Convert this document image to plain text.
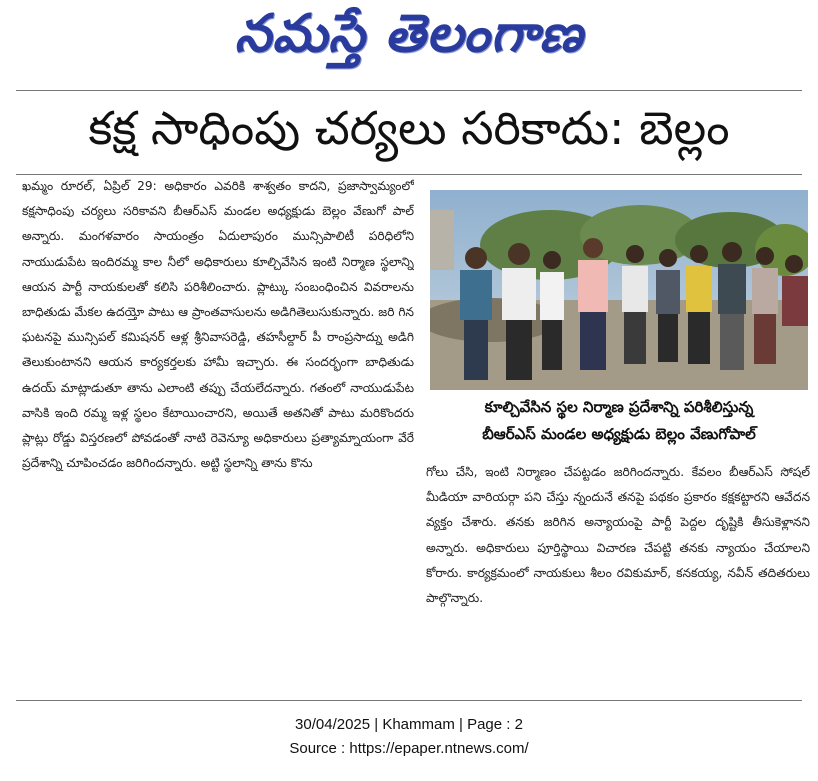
నమస్తే తెలంగాణ
కక్ష సాధింపు చర్యలు సరికాదు: బెల్లం

ఖమ్మం రూరల్, ఏప్రిల్ 29: అధికారం ఎవరికి శాశ్వతం కాదని, ప్రజాస్వామ్యంలో కక్షసాధింపు చర్యలు సరికావని బీఆర్ఎస్ మండల అధ్యక్షుడు బెల్లం వేణుగో పాల్ అన్నారు. మంగళవారం సాయంత్రం ఏదులాపురం మున్సిపాలిటీ పరిధిలోని నాయుడుపేట ఇందిరమ్మ కాల నీలో అధికారులు కూల్చివేసిన ఇంటి నిర్మాణ స్థలాన్ని ఆయన పార్టీ నాయకులతో కలిసి పరిశీలించారు. ప్లాట్కు సంబంధించిన వివరాలను బాధితుడు మేకల ఉదయ్తో పాటు ఆ ప్రాంతవాసులను అడిగితెలుసుకున్నారు. జరి గిన ఘటనపై మున్సిపల్ కమిషనర్ ఆళ్ల శ్రీనివాసరెడ్డి, తహసీల్దార్ పీ రాంప్రసాద్ను అడిగి తెలుకుంటానని ఆయన కార్యకర్తలకు హామీ ఇచ్చారు. ఈ సందర్భంగా బాధితుడు ఉదయ్ మాట్లాడుతూ తాను ఎలాంటి తప్పు చేయలేదన్నారు. గతంలో నాయుడుపేట వాసికి ఇంది రమ్మ ఇళ్ల స్థలం కేటాయించారని, అయితే అతనితో పాటు మరికొందరు ప్లాట్లు రోడ్డు విస్తరణలో పోవడంతో నాటి రెవెన్యూ అధికారులు ప్రత్యామ్నాయంగా వేరే ప్రదేశాన్ని చూపించడం జరిగిందన్నారు. అట్టి స్థలాన్ని తాను కొను

కూల్చివేసిన స్థల నిర్మాణ ప్రదేశాన్ని పరిశీలిస్తున్న
బీఆర్ఎస్ మండల అధ్యక్షుడు బెల్లం వేణుగోపాల్

గోలు చేసి, ఇంటి నిర్మాణం చేపట్టడం జరిగిందన్నారు. కేవలం బీఆర్ఎస్ సోషల్ మీడియా వారియర్గా పని చేస్తు న్నందునే తనపై పథకం ప్రకారం కక్షకట్టారని ఆవేదన వ్యక్తం చేశారు. తనకు జరిగిన అన్యాయంపై పార్టీ పెద్దల దృష్టికి తీసుకెళ్లానని అన్నారు. అధికారులు పూర్తిస్థాయి విచారణ చేపట్టి తనకు న్యాయం చేయాలని కోరారు. కార్యక్రమంలో నాయకులు శీలం రవికుమార్, కనకయ్య, నవీన్ తదితరులు పాల్గొన్నారు.

30/04/2025 | Khammam | Page : 2
Source : https://epaper.ntnews.com/
